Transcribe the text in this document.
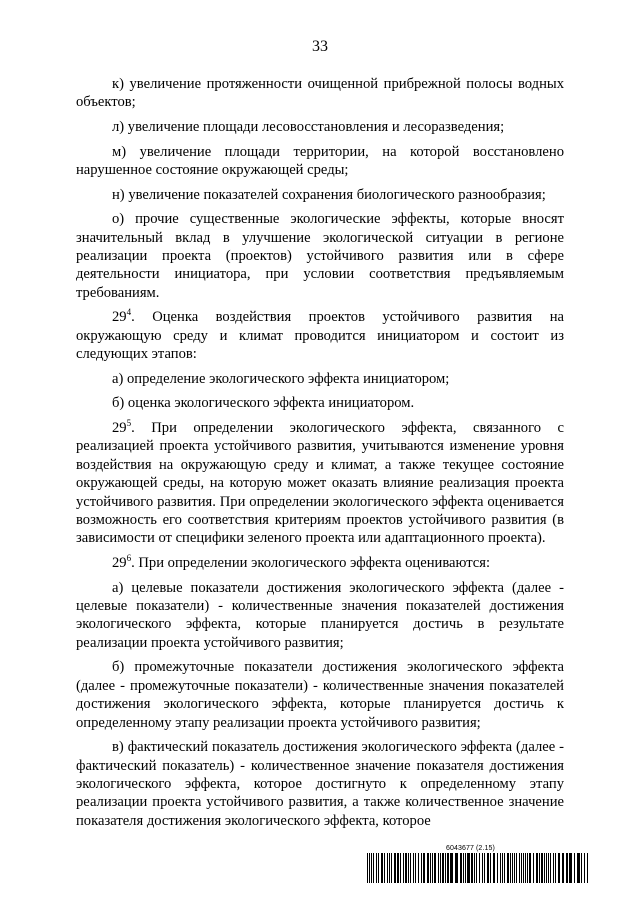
33

к) увеличение протяженности очищенной прибрежной полосы водных объектов;

л) увеличение площади лесовосстановления и лесоразведения;

м) увеличение площади территории, на которой восстановлено нарушенное состояние окружающей среды;

н) увеличение показателей сохранения биологического разнообразия;

о) прочие существенные экологические эффекты, которые вносят значительный вклад в улучшение экологической ситуации в регионе реализации проекта (проектов) устойчивого развития или в сфере деятельности инициатора, при условии соответствия предъявляемым требованиям.

$29^4$. Оценка воздействия проектов устойчивого развития на окружающую среду и климат проводится инициатором и состоит из следующих этапов:

а) определение экологического эффекта инициатором;

б) оценка экологического эффекта инициатором.

$29^5$. При определении экологического эффекта, связанного с реализацией проекта устойчивого развития, учитываются изменение уровня воздействия на окружающую среду и климат, а также текущее состояние окружающей среды, на которую может оказать влияние реализация проекта устойчивого развития. При определении экологического эффекта оценивается возможность его соответствия критериям проектов устойчивого развития (в зависимости от специфики зеленого проекта или адаптационного проекта).

$29^6$. При определении экологического эффекта оцениваются:

а) целевые показатели достижения экологического эффекта (далее - целевые показатели) - количественные значения показателей достижения экологического эффекта, которые планируется достичь в результате реализации проекта устойчивого развития;

б) промежуточные показатели достижения экологического эффекта (далее - промежуточные показатели) - количественные значения показателей достижения экологического эффекта, которые планируется достичь к определенному этапу реализации проекта устойчивого развития;

в) фактический показатель достижения экологического эффекта (далее - фактический показатель) - количественное значение показателя достижения экологического эффекта, которое достигнуто к определенному этапу реализации проекта устойчивого развития, а также количественное значение показателя достижения экологического эффекта, которое

6043677 (2.15)
